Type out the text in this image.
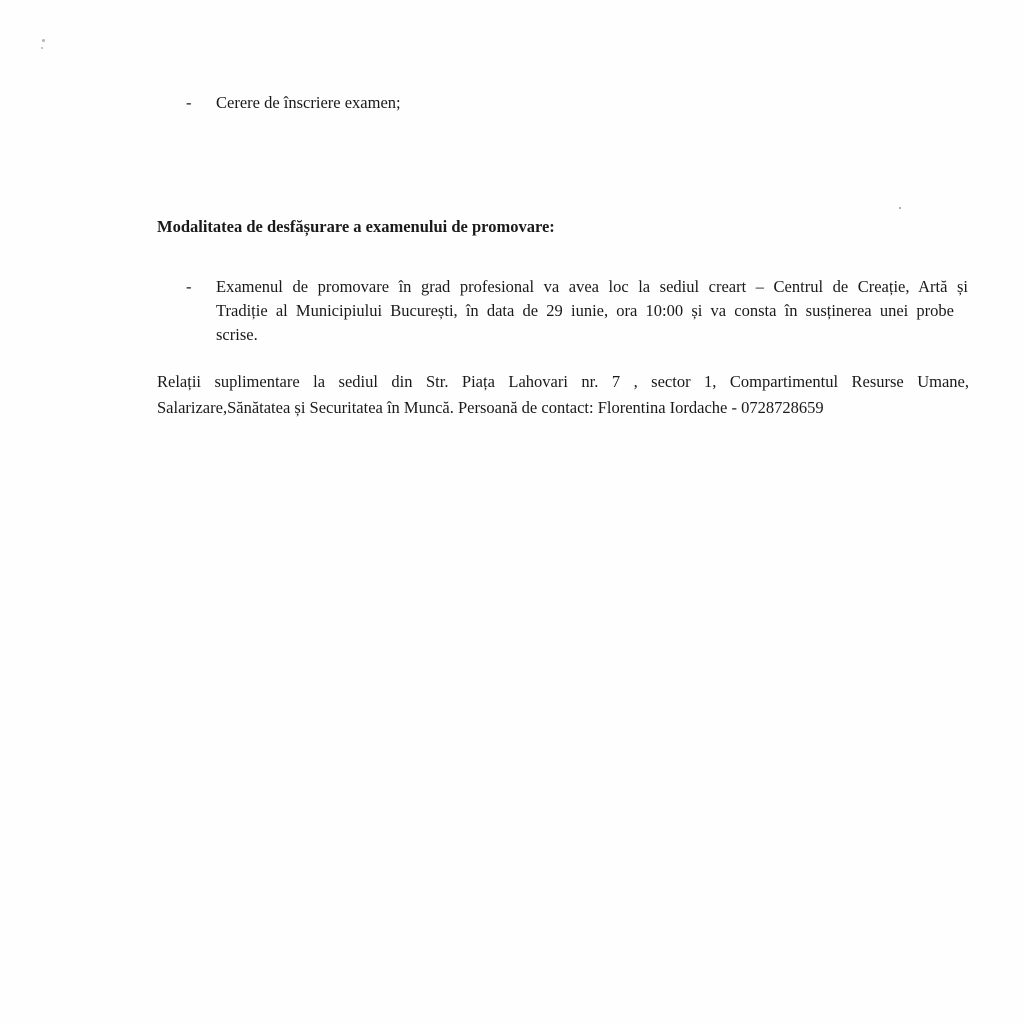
- Cerere de înscriere examen;
Modalitatea de desfășurare a examenului de promovare:
- Examenul de promovare în grad profesional va avea loc la sediul creart – Centrul de Creație, Artă și
Tradiție al Municipiului București, în data de 29 iunie, ora 10:00 și va consta în susținerea unei probe
scrise.
Relații suplimentare la sediul din Str. Piața Lahovari nr. 7 , sector 1, Compartimentul Resurse Umane,
Salarizare,Sănătatea și Securitatea în Muncă. Persoană de contact: Florentina Iordache - 0728728659
